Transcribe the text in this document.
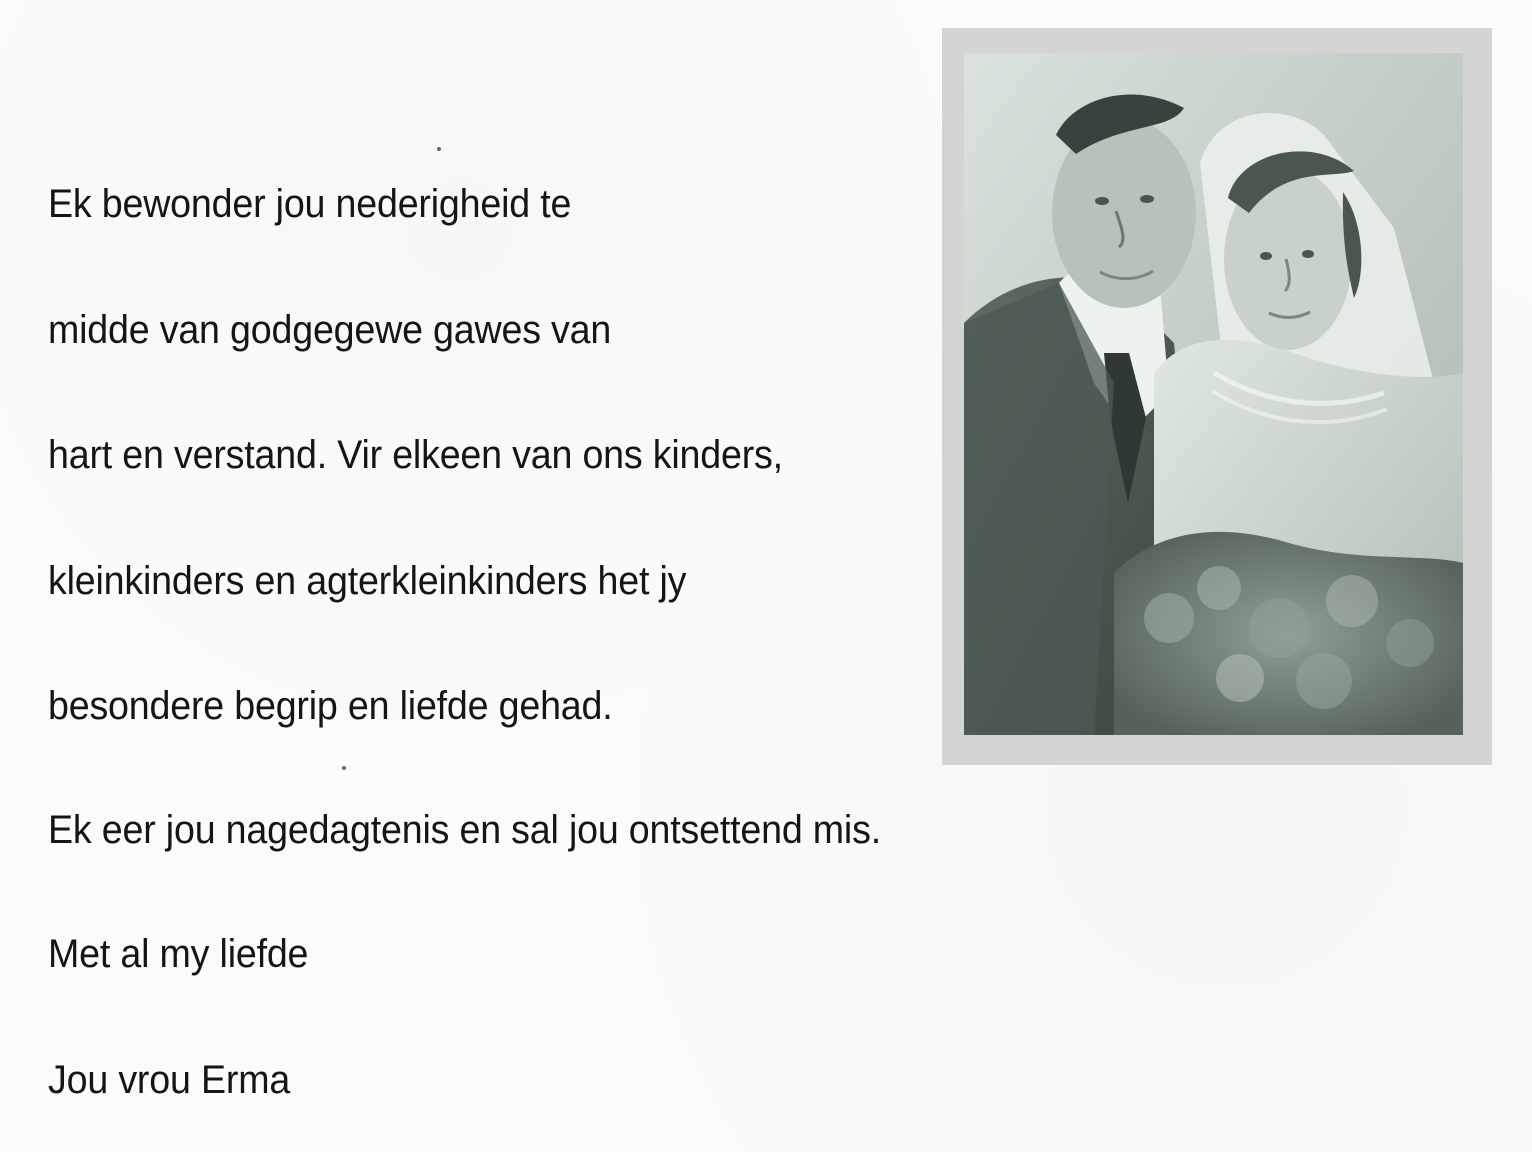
Ek bewonder jou nederigheid te
midde van godgegewe gawes van
hart en verstand. Vir elkeen van ons kinders,
kleinkinders en agterkleinkinders het jy
besondere begrip en liefde gehad.
Ek eer jou nagedagtenis en sal jou ontsettend mis.
Met al my liefde
Jou vrou Erma
